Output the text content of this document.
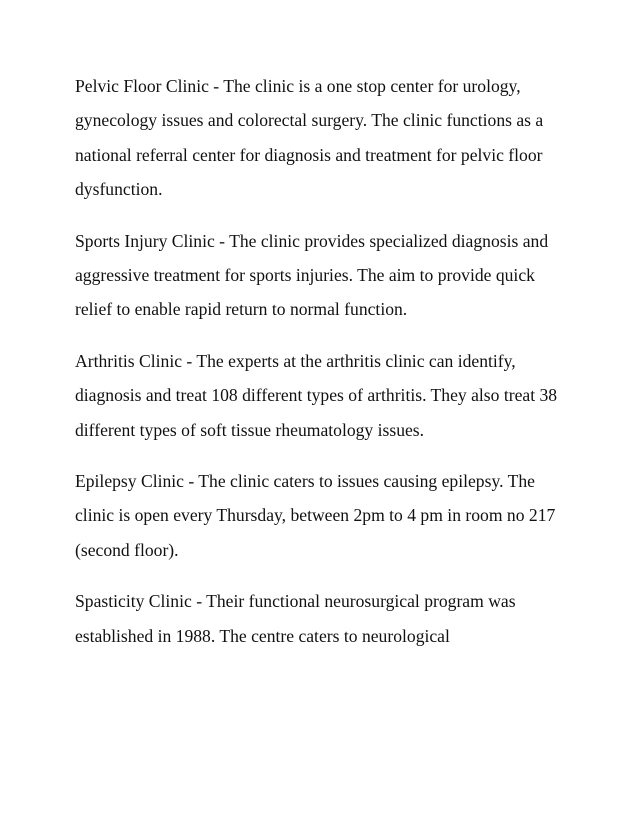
Pelvic Floor Clinic - The clinic is a one stop center for urology, gynecology issues and colorectal surgery. The clinic functions as a national referral center for diagnosis and treatment for pelvic floor dysfunction.

Sports Injury Clinic - The clinic provides specialized diagnosis and aggressive treatment for sports injuries. The aim to provide quick relief to enable rapid return to normal function.

Arthritis Clinic - The experts at the arthritis clinic can identify, diagnosis and treat 108 different types of arthritis. They also treat 38 different types of soft tissue rheumatology issues.

Epilepsy Clinic - The clinic caters to issues causing epilepsy. The clinic is open every Thursday, between 2pm to 4 pm in room no 217 (second floor).

Spasticity Clinic - Their functional neurosurgical program was established in 1988. The centre caters to neurological
